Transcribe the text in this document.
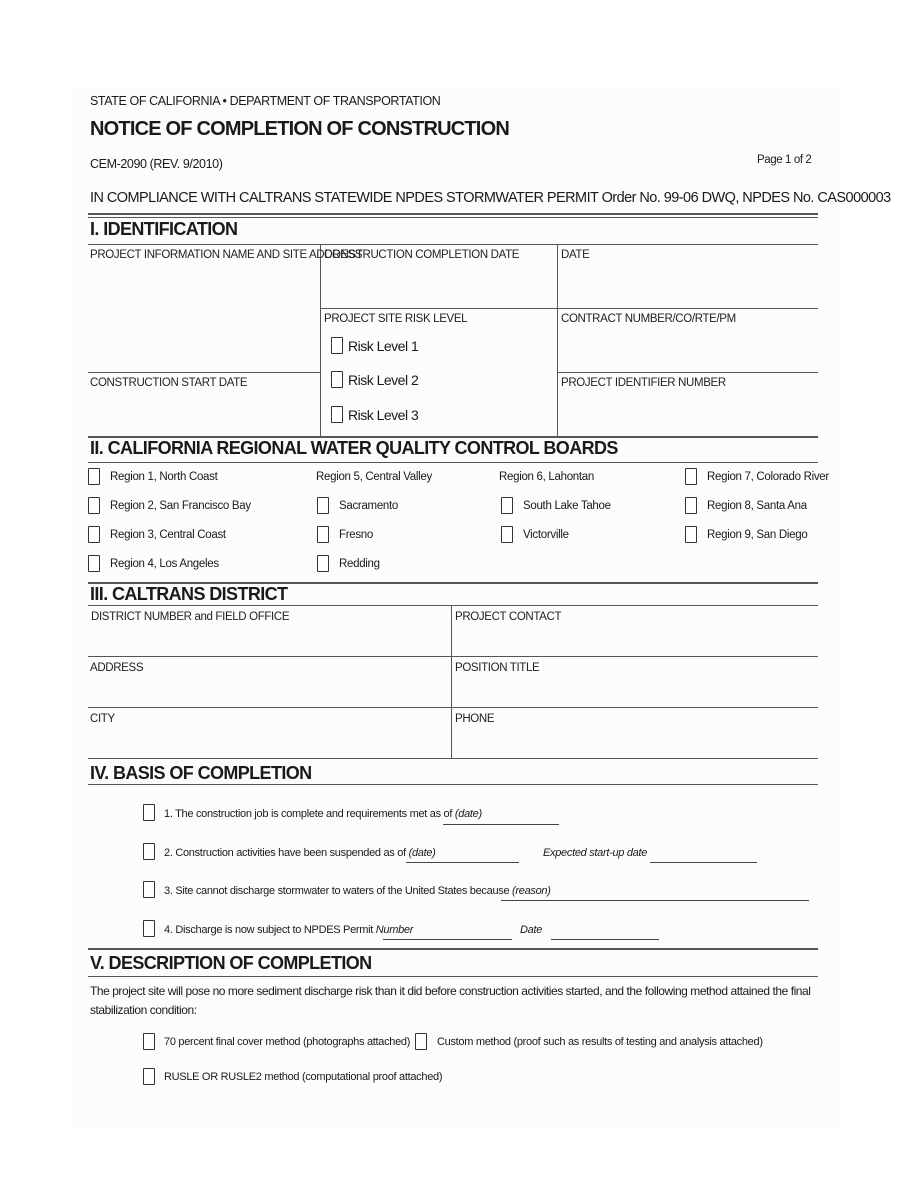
STATE OF CALIFORNIA • DEPARTMENT OF TRANSPORTATION
NOTICE OF COMPLETION OF CONSTRUCTION
CEM-2090 (REV. 9/2010)	Page 1 of 2
IN COMPLIANCE WITH CALTRANS STATEWIDE NPDES STORMWATER PERMIT Order No. 99-06 DWQ, NPDES No. CAS000003
I. IDENTIFICATION
PROJECT INFORMATION NAME AND SITE ADDRESS
CONSTRUCTION COMPLETION DATE	DATE
PROJECT SITE RISK LEVEL
Risk Level 1
Risk Level 2
Risk Level 3
CONTRACT NUMBER/CO/RTE/PM
CONSTRUCTION START DATE	PROJECT IDENTIFIER NUMBER
II. CALIFORNIA REGIONAL WATER QUALITY CONTROL BOARDS
Region 1, North Coast
Region 2, San Francisco Bay
Region 3, Central Coast
Region 4, Los Angeles
Region 5, Central Valley
Sacramento
Fresno
Redding
Region 6, Lahontan
South Lake Tahoe
Victorville
Region 7, Colorado River
Region 8, Santa Ana
Region 9, San Diego
III. CALTRANS DISTRICT
DISTRICT NUMBER and FIELD OFFICE	PROJECT CONTACT
ADDRESS	POSITION TITLE
CITY	PHONE
IV. BASIS OF COMPLETION
1. The construction job is complete and requirements met as of (date)
2. Construction activities have been suspended as of (date)	Expected start-up date
3. Site cannot discharge stormwater to waters of the United States because (reason)
4. Discharge is now subject to NPDES Permit Number	Date
V. DESCRIPTION OF COMPLETION
The project site will pose no more sediment discharge risk than it did before construction activities started, and the following method attained the final
stabilization condition:
70 percent final cover method (photographs attached) Custom method (proof such as results of testing and analysis attached)
RUSLE OR RUSLE2 method (computational proof attached)
